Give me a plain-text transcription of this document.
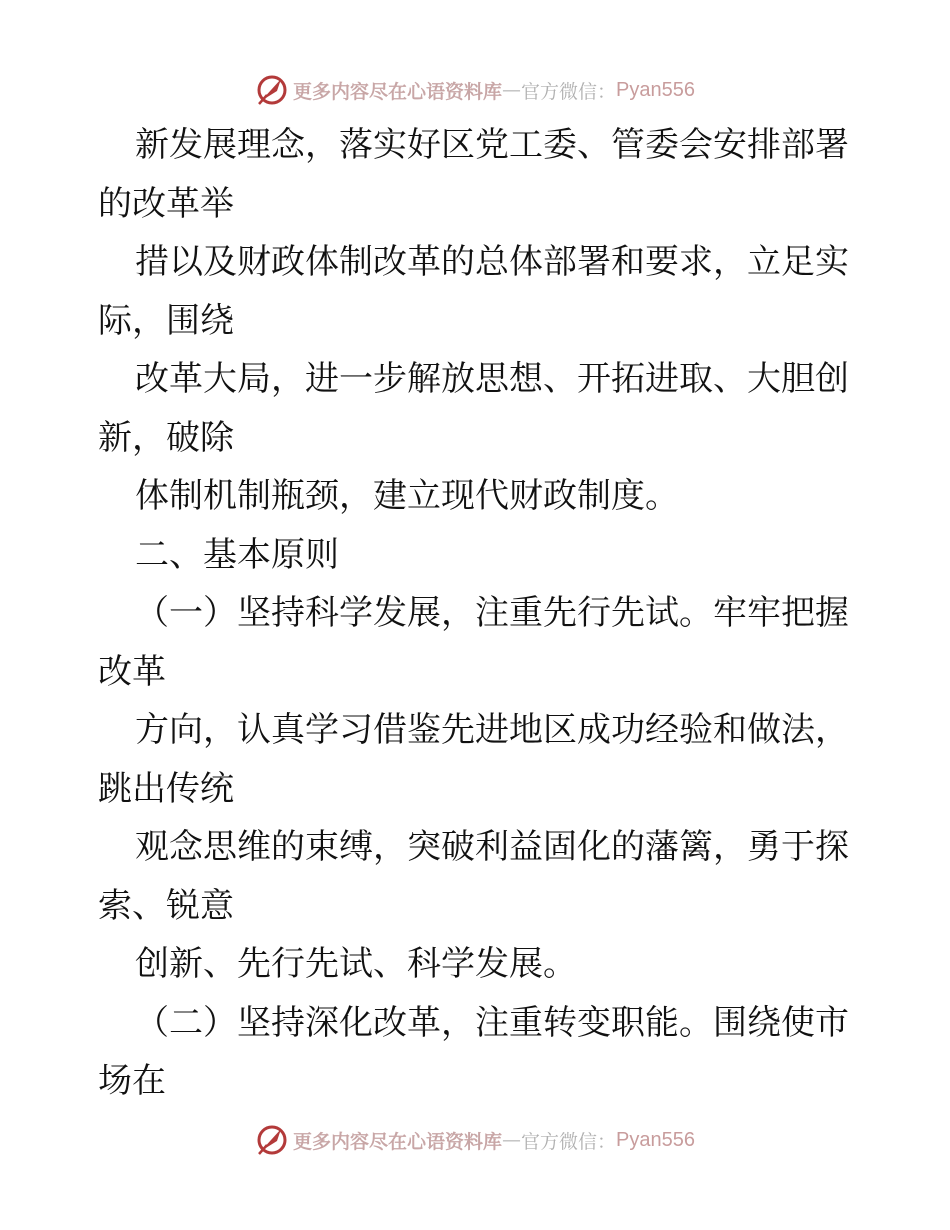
更多内容尽在心语资料库 — 官方微信： Pyan556
新发展理念，落实好区党工委、管委会安排部署
的改革举
措以及财政体制改革的总体部署和要求，立足实
际，围绕
改革大局，进一步解放思想、开拓进取、大胆创
新，破除
体制机制瓶颈，建立现代财政制度。
二、基本原则
（一）坚持科学发展，注重先行先试。牢牢把握
改革
方向，认真学习借鉴先进地区成功经验和做法，
跳出传统
观念思维的束缚，突破利益固化的藩篱，勇于探
索、锐意
创新、先行先试、科学发展。
（二）坚持深化改革，注重转变职能。围绕使市
场在
更多内容尽在心语资料库 — 官方微信： Pyan556
